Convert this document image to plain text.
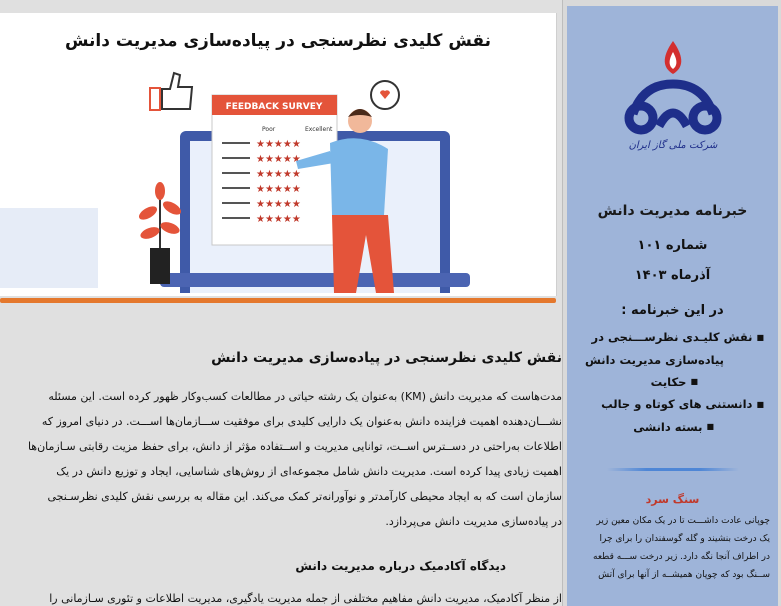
نقش کلیدی نظرسنجی در پیاده‌سازی مدیریت دانش
FEEDBACK SURVEY
Poor	Excellent
★★★★★
★★★★★
★★★★★
★★★★★
★★★★★
★★★★★
نقش کلیدی نظرسنجی در پیاده‌سازی مدیریت دانش
مدت‌هاست که مدیریت دانش (KM) به‌عنوان یک رشته حیاتی در مطالعات کسب‌وکار ظهور کرده است. این مسئله
نشـــان‌دهنده اهمیت فزاینده دانش به‌عنوان یک دارایی کلیدی برای موفقیت ســـازمان‌ها اســـت. در دنیای امروز که
اطلاعات به‌راحتی در دســترس اســت، توانایی مدیریت و اســتفاده مؤثر از دانش، برای حفظ مزیت رقابتی سـازمان‌ها
اهمیت زیادی پیدا کرده است. مدیریت دانش شامل مجموعه‌ای از روش‌های شناسایی، ایجاد و توزیع دانش در یک
سازمان است که به ایجاد محیطی کارآمدتر و نوآورانه‌تر کمک می‌کند. این مقاله به بررسی نقش کلیدی نظرسـنجی
در پیاده‌سازی مدیریت دانش می‌پردازد.
دیدگاه آکادمیک درباره مدیریت دانش
از منظر آکادمیک، مدیریت دانش مفاهیم مختلفی از جمله مدیریت یادگیری، مدیریت اطلاعات و تئوری سـازمانی را
شرکت ملی گاز ایران
خبرنامه مدیریت دانش
شماره ۱۰۱
آذرماه ۱۴۰۳
در این خبرنامه :
■نقش کلیـدی نظرســـنجی در
پیاده‌سازی مدیریت دانش
■حکایت
■دانستنی های کوتاه و جالب
■بسته دانشی
سنگ سرد
چوپانی عادت داشـــت تا در یک مکان معین زیر
یک درخت بنشیند و گله گوسفندان را برای چرا
در اطراف آنجا نگه دارد. زیر درخت ســـه قطعه
ســنگ بود که چوپان همیشــه از آنها برای آتش
